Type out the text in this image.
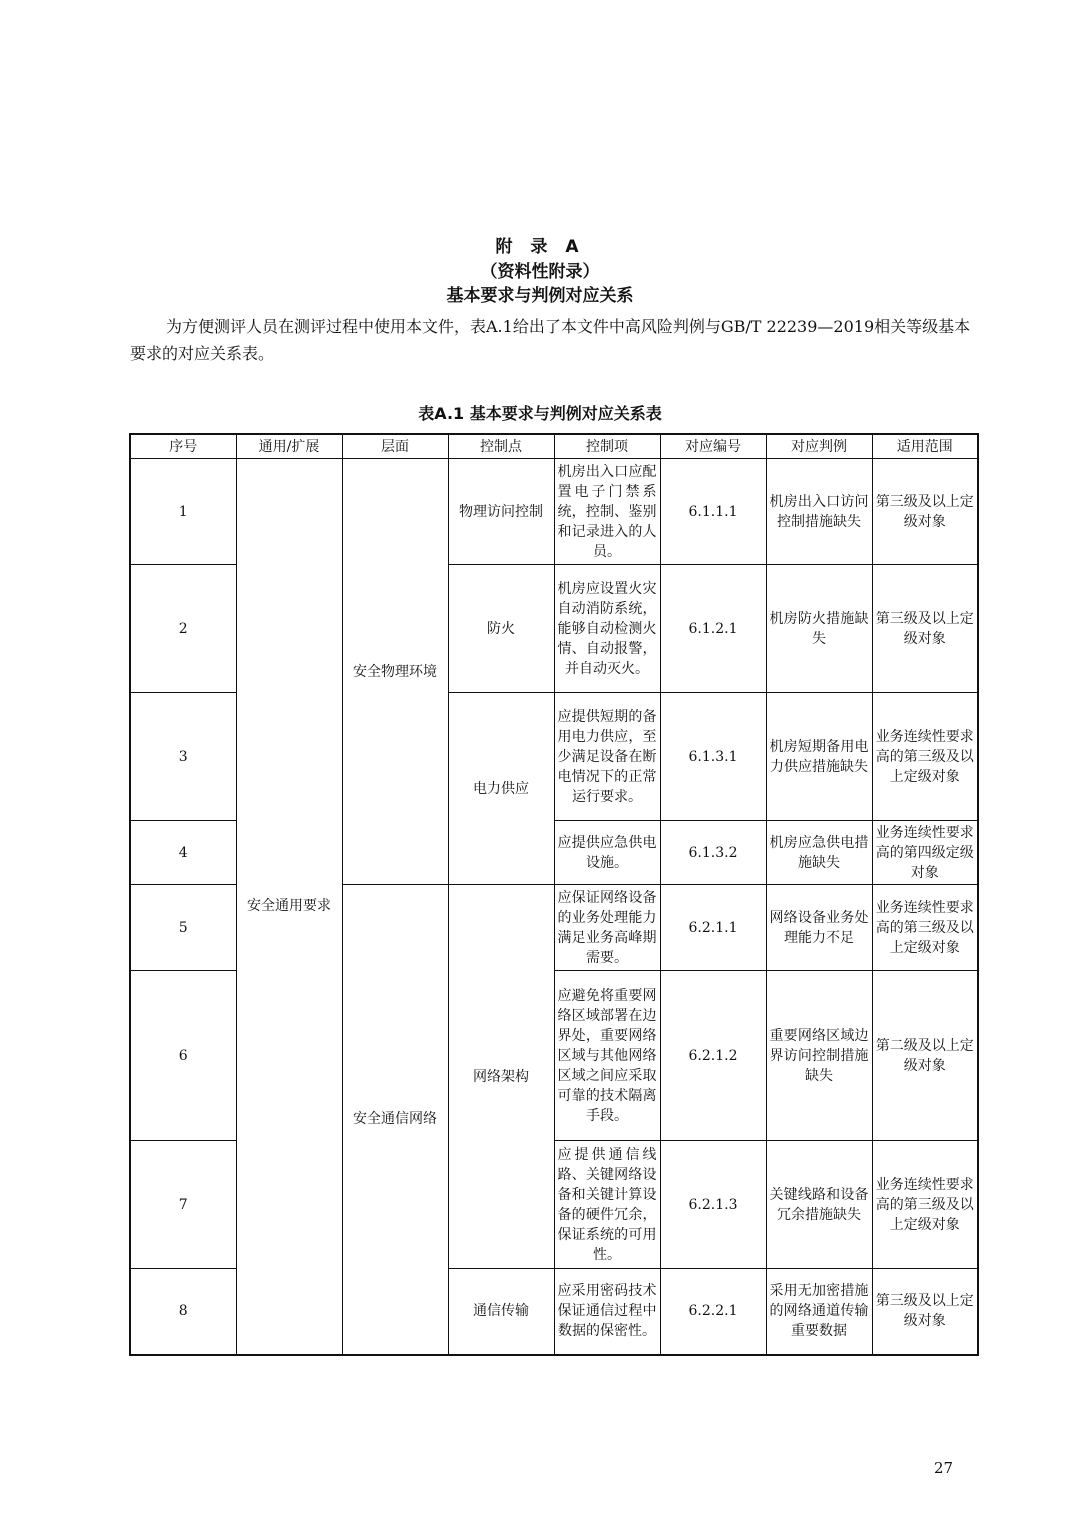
附 录 A
（资料性附录）
基本要求与判例对应关系

为方便测评人员在测评过程中使用本文件，表A.1给出了本文件中高风险判例与GB/T 22239—2019相关等级基本要求的对应关系表。

表A.1 基本要求与判例对应关系表
序号	通用/扩展	层面	控制点	控制项	对应编号	对应判例	适用范围
1	安全通用要求	安全物理环境	物理访问控制	机房出入口应配置电子门禁系统，控制、鉴别和记录进入的人员。	6.1.1.1	机房出入口访问控制措施缺失	第三级及以上定级对象
2			防火	机房应设置火灾自动消防系统，能够自动检测火情、自动报警，并自动灭火。	6.1.2.1	机房防火措施缺失	第三级及以上定级对象
3			电力供应	应提供短期的备用电力供应，至少满足设备在断电情况下的正常运行要求。	6.1.3.1	机房短期备用电力供应措施缺失	业务连续性要求高的第三级及以上定级对象
4				应提供应急供电设施。	6.1.3.2	机房应急供电措施缺失	业务连续性要求高的第四级定级对象
5		安全通信网络	网络架构	应保证网络设备的业务处理能力满足业务高峰期需要。	6.2.1.1	网络设备业务处理能力不足	业务连续性要求高的第三级及以上定级对象
6				应避免将重要网络区域部署在边界处，重要网络区域与其他网络区域之间应采取可靠的技术隔离手段。	6.2.1.2	重要网络区域边界访问控制措施缺失	第二级及以上定级对象
7				应提供通信线路、关键网络设备和关键计算设备的硬件冗余，保证系统的可用性。	6.2.1.3	关键线路和设备冗余措施缺失	业务连续性要求高的第三级及以上定级对象
8			通信传输	应采用密码技术保证通信过程中数据的保密性。	6.2.2.1	采用无加密措施的网络通道传输重要数据	第三级及以上定级对象
27
